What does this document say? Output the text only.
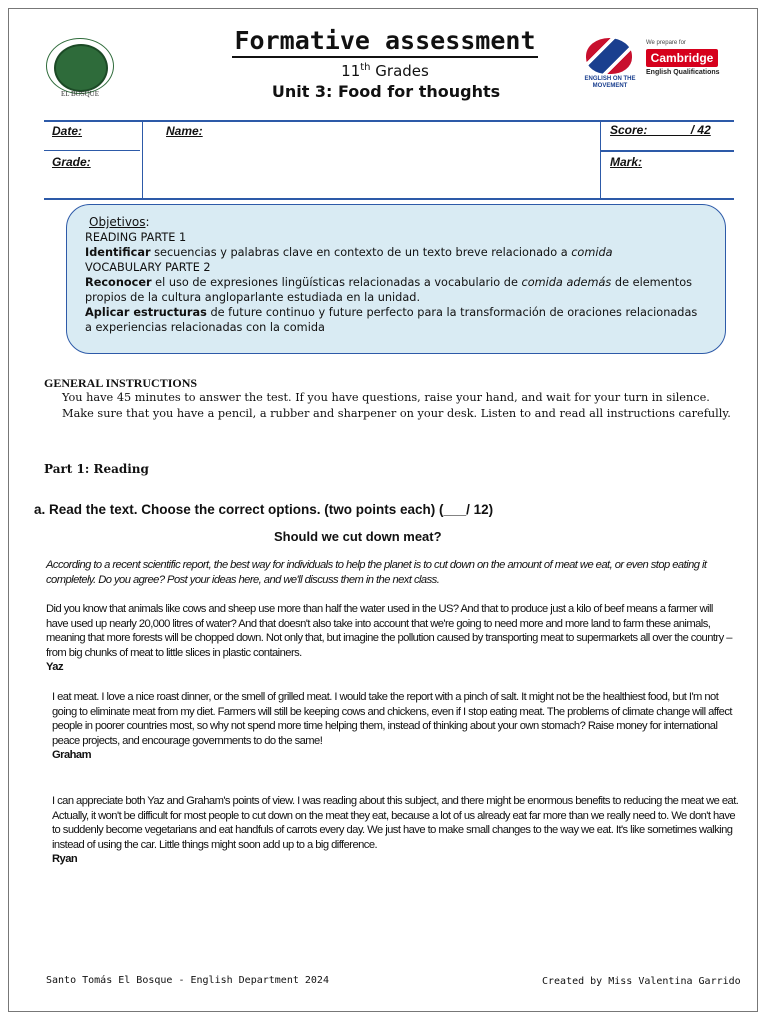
EL BOSQUE
Formative assessment
11th Grades
Unit 3: Food for thoughts
ENGLISH ON THE MOVEMENT
We prepare for
Cambridge
English Qualifications
Date:	Name:	Score:______ / 42
Grade:	Mark:
Objetivos:
READING PARTE 1
Identificar secuencias y palabras clave en contexto de un texto breve relacionado a comida
VOCABULARY PARTE 2
Reconocer el uso de expresiones lingüísticas relacionadas a vocabulario de comida además de elementos propios de la cultura angloparlante estudiada en la unidad.
Aplicar estructuras de future continuo y future perfecto para la transformación de oraciones relacionadas a experiencias relacionadas con la comida
GENERAL INSTRUCTIONS
You have 45 minutes to answer the test. If you have questions, raise your hand, and wait for your turn in silence. Make sure that you have a pencil, a rubber and sharpener on your desk. Listen to and read all instructions carefully.
Part 1: Reading
a. Read the text. Choose the correct options. (two points each) (___/ 12)
Should we cut down meat?
According to a recent scientific report, the best way for individuals to help the planet is to cut down on the amount of meat we eat, or even stop eating it completely. Do you agree? Post your ideas here, and we'll discuss them in the next class.
Did you know that animals like cows and sheep use more than half the water used in the US? And that to produce just a kilo of beef means a farmer will have used up nearly 20,000 litres of water? And that doesn't also take into account that we're going to need more and more land to farm these animals, meaning that more forests will be chopped down. Not only that, but imagine the pollution caused by transporting meat to supermarkets all over the country – from big chunks of meat to little slices in plastic containers.
Yaz
I eat meat. I love a nice roast dinner, or the smell of grilled meat. I would take the report with a pinch of salt. It might not be the healthiest food, but I'm not going to eliminate meat from my diet. Farmers will still be keeping cows and chickens, even if I stop eating meat. The problems of climate change will affect people in poorer countries most, so why not spend more time helping them, instead of thinking about your own stomach? Raise money for international peace projects, and encourage governments to do the same!
Graham
I can appreciate both Yaz and Graham's points of view. I was reading about this subject, and there might be enormous benefits to reducing the meat we eat. Actually, it won't be difficult for most people to cut down on the meat they eat, because a lot of us already eat far more than we really need to. We don't have to suddenly become vegetarians and eat handfuls of carrots every day. We just have to make small changes to the way we eat. It's like sometimes walking instead of using the car. Little things might soon add up to a big difference.
Ryan
Santo Tomás El Bosque - English Department 2024	Created by Miss Valentina Garrido
